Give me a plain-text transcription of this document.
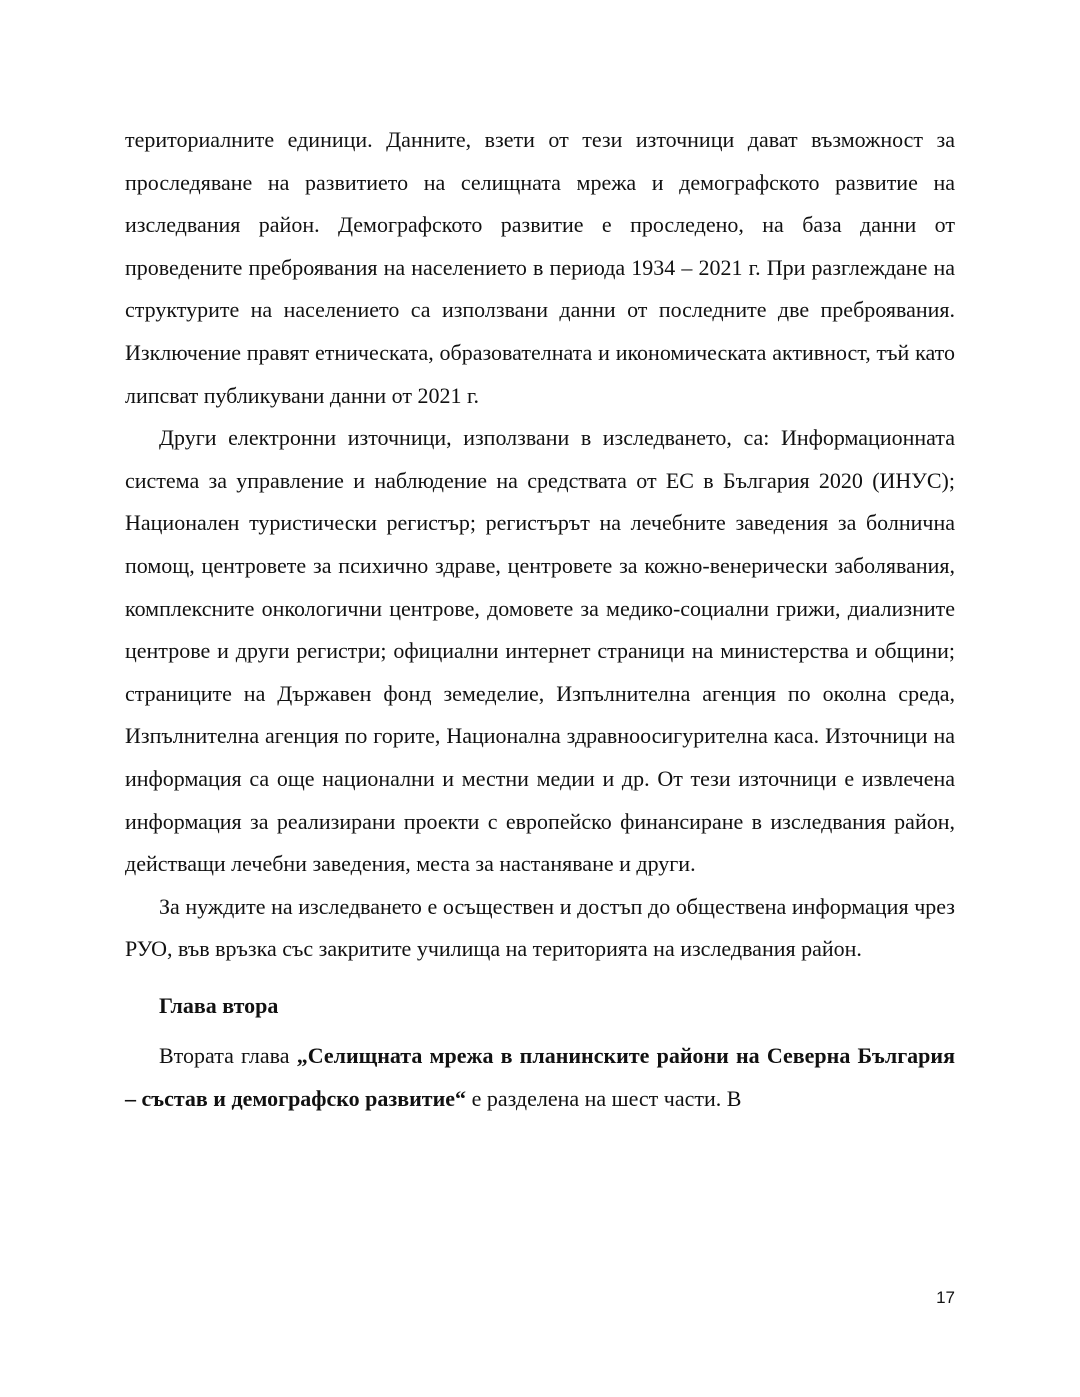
териториалните единици. Данните, взети от тези източници дават възможност за проследяване на развитието на селищната мрежа и демографското развитие на изследвания район. Демографското развитие е проследено, на база данни от проведените преброявания на населението в периода 1934 – 2021 г. При разглеждане на структурите на населението са използвани данни от последните две преброявания. Изключение правят етническата, образователната и икономическата активност, тъй като липсват публикувани данни от 2021 г.

Други електронни източници, използвани в изследването, са: Информационната система за управление и наблюдение на средствата от ЕС в България 2020 (ИНУС); Национален туристически регистър; регистърът на лечебните заведения за болнична помощ, центровете за психично здраве, центровете за кожно-венерически заболявания, комплексните онкологични центрове, домовете за медико-социални грижи, диализните центрове и други регистри; официални интернет страници на министерства и общини; страниците на Държавен фонд земеделие, Изпълнителна агенция по околна среда, Изпълнителна агенция по горите, Национална здравноосигурителна каса. Източници на информация са още национални и местни медии и др. От тези източници е извлечена информация за реализирани проекти с европейско финансиране в изследвания район, действащи лечебни заведения, места за настаняване и други.

За нуждите на изследването е осъществен и достъп до обществена информация чрез РУО, във връзка със закритите училища на територията на изследвания район.

Глава втора

Втората глава „Селищната мрежа в планинските райони на Северна България – състав и демографско развитие“ е разделена на шест части. В

17
